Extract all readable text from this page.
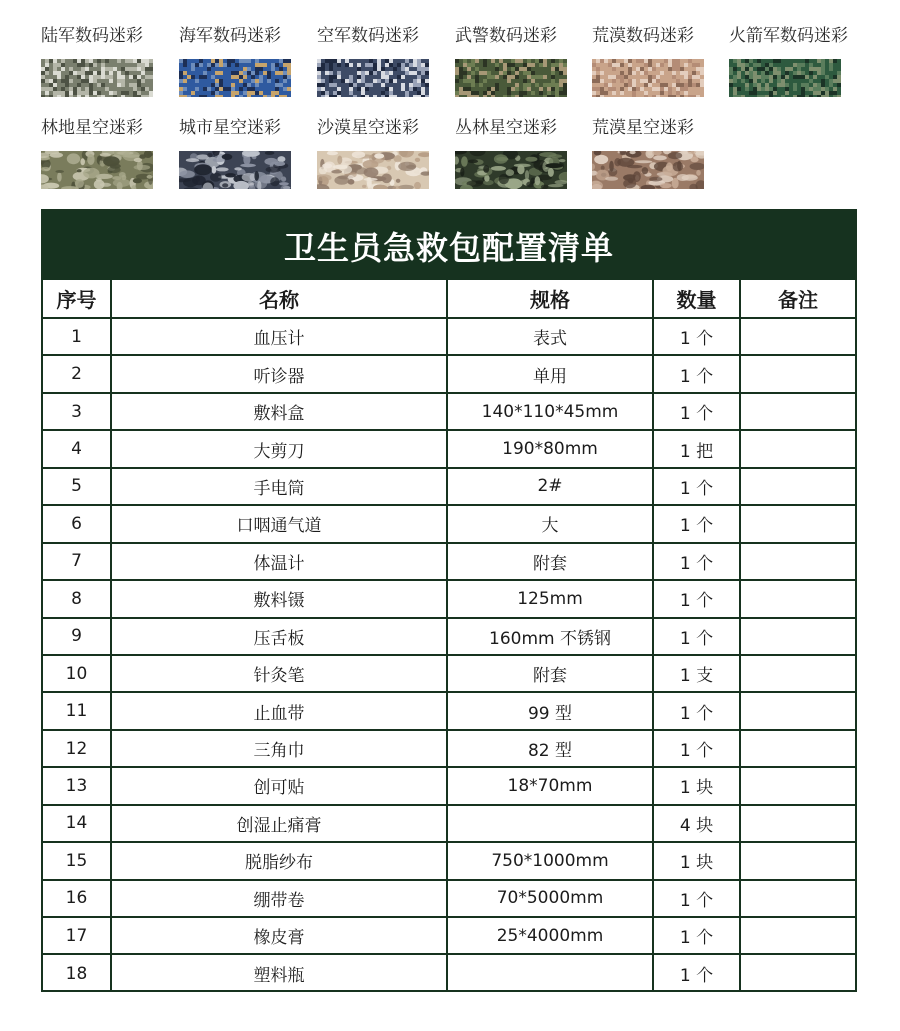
陆军数码迷彩	海军数码迷彩	空军数码迷彩	武警数码迷彩	荒漠数码迷彩	火箭军数码迷彩
林地星空迷彩	城市星空迷彩	沙漠星空迷彩	丛林星空迷彩	荒漠星空迷彩
卫生员急救包配置清单
序号	名称	规格	数量	备注
1	血压计	表式	1 个	
2	听诊器	单用	1 个	
3	敷料盒	140*110*45mm	1 个	
4	大剪刀	190*80mm	1 把	
5	手电筒	2#	1 个	
6	口咽通气道	大	1 个	
7	体温计	附套	1 个	
8	敷料镊	125mm	1 个	
9	压舌板	160mm 不锈钢	1 个	
10	针灸笔	附套	1 支	
11	止血带	99 型	1 个	
12	三角巾	82 型	1 个	
13	创可贴	18*70mm	1 块	
14	创湿止痛膏		4 块	
15	脱脂纱布	750*1000mm	1 块	
16	绷带卷	70*5000mm	1 个	
17	橡皮膏	25*4000mm	1 个	
18	塑料瓶		1 个	
